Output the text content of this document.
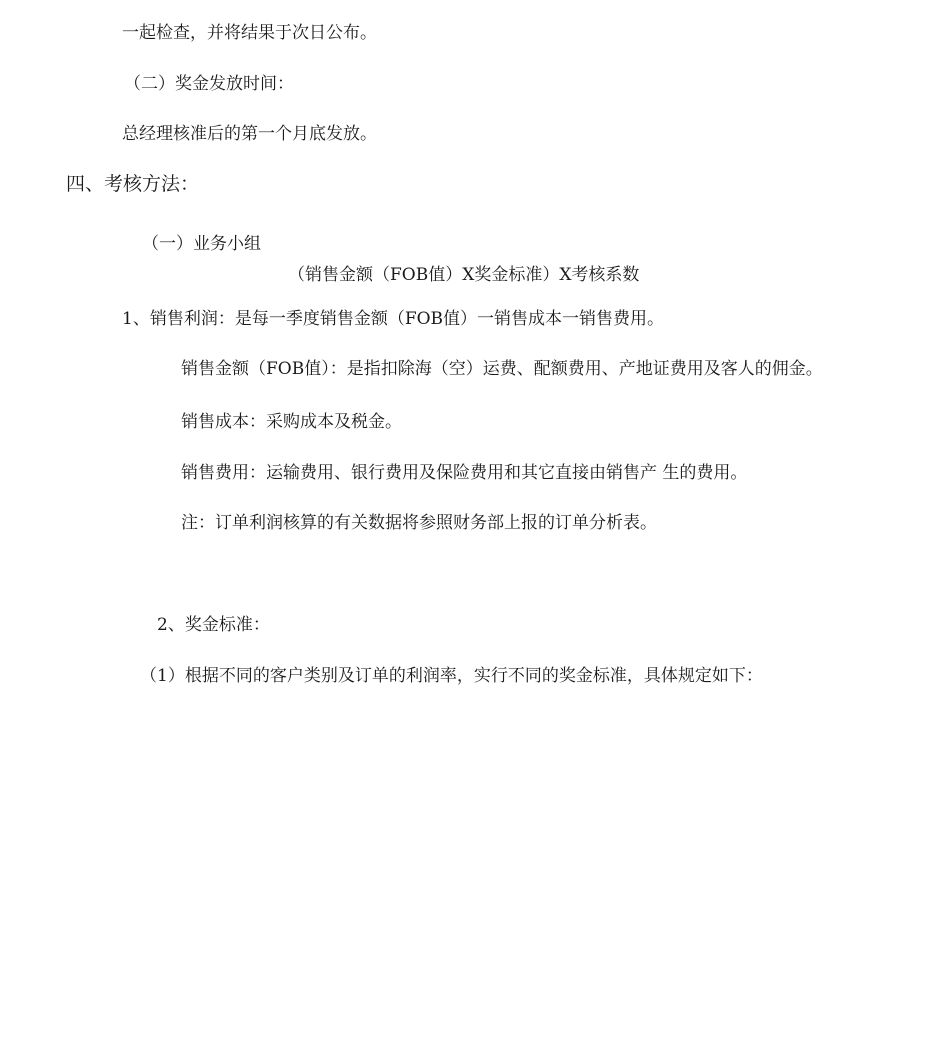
一起检查，并将结果于次日公布。
（二）奖金发放时间：
总经理核准后的第一个月底发放。
四、考核方法：
（一）业务小组
（销售金额（FOB值）X奖金标准）X考核系数
1、销售利润：是每一季度销售金额（FOB值）一销售成本一销售费用。
销售金额（FOB值）：是指扣除海（空）运费、配额费用、产地证费用及客人的佣金。
销售成本：采购成本及税金。
销售费用：运输费用、银行费用及保险费用和其它直接由销售产 生的费用。
注：订单利润核算的有关数据将参照财务部上报的订单分析表。
2、奖金标准：
（1）根据不同的客户类别及订单的利润率，实行不同的奖金标准，具体规定如下：
